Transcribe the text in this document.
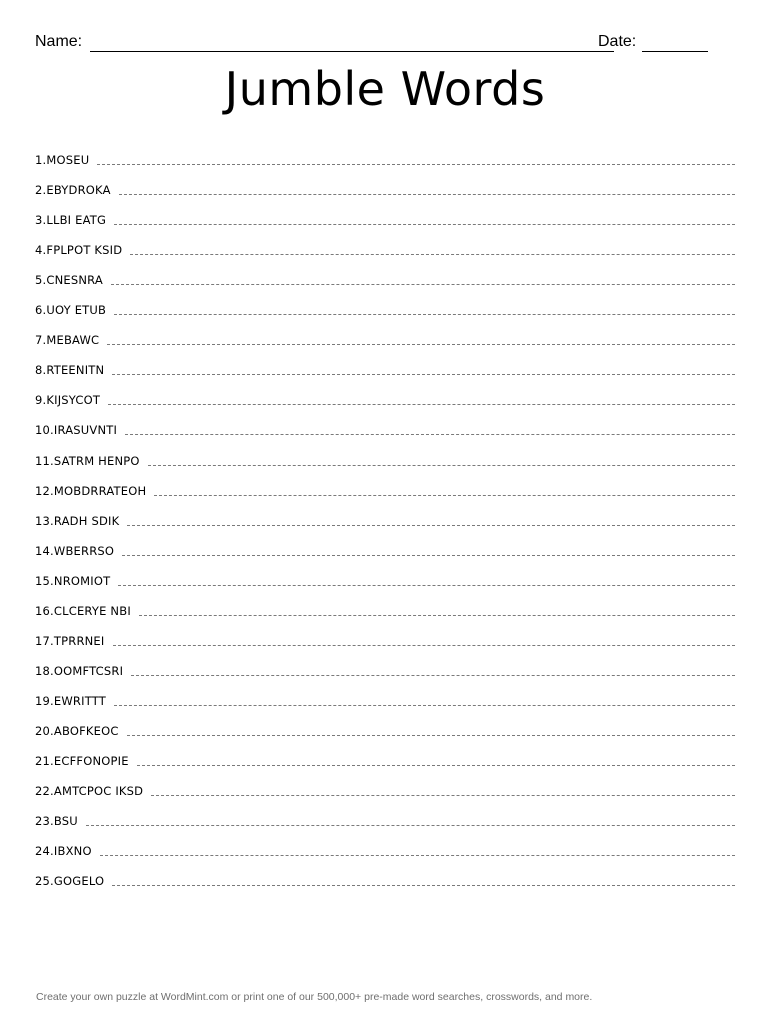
Name:	Date:
Jumble Words
1. MOSEU
2. EBYDROKA
3. LLBI EATG
4. FPLPOT KSID
5. CNESNRA
6. UOY ETUB
7. MEBAWC
8. RTEENITN
9. KIJSYCOT
10. IRASUVNTI
11. SATRM HENPO
12. MOBDRRATEOH
13. RADH SDIK
14. WBERRSO
15. NROMIOT
16. CLCERYE NBI
17. TPRRNEI
18. OOMFTCSRI
19. EWRITTT
20. ABOFKEOC
21. ECFFONOPIE
22. AMTCPOC IKSD
23. BSU
24. IBXNO
25. GOGELO
Create your own puzzle at WordMint.com or print one of our 500,000+ pre-made word searches, crosswords, and more.
